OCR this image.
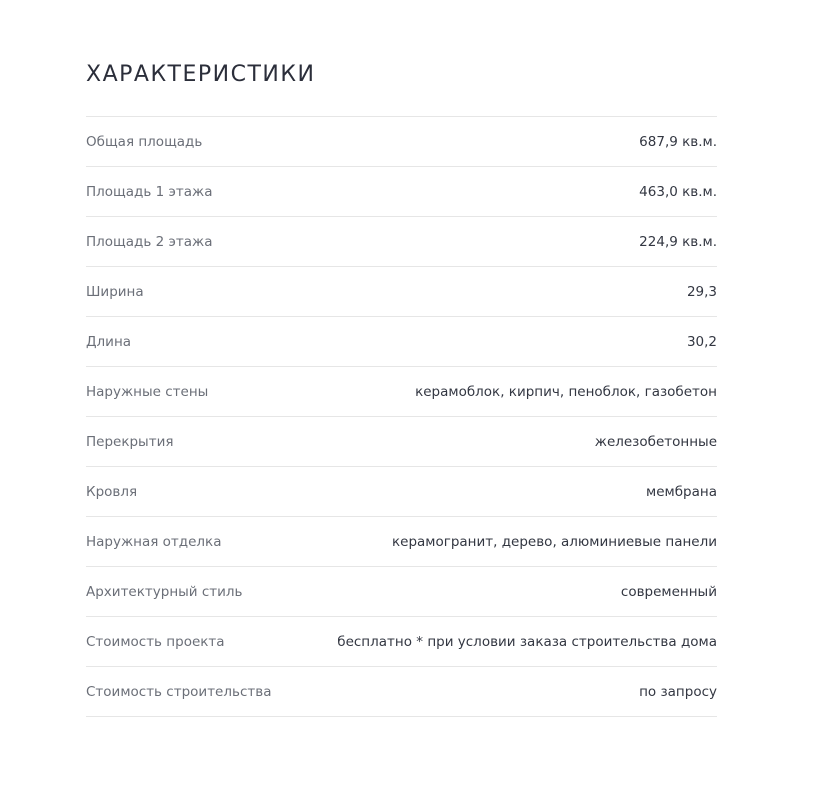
ХАРАКТЕРИСТИКИ
Общая площадь	687,9 кв.м.
Площадь 1 этажа	463,0 кв.м.
Площадь 2 этажа	224,9 кв.м.
Ширина	29,3
Длина	30,2
Наружные стены	керамоблок, кирпич, пеноблок, газобетон
Перекрытия	железобетонные
Кровля	мембрана
Наружная отделка	керамогранит, дерево, алюминиевые панели
Архитектурный стиль	современный
Стоимость проекта	бесплатно * при условии заказа строительства дома
Стоимость строительства	по запросу
